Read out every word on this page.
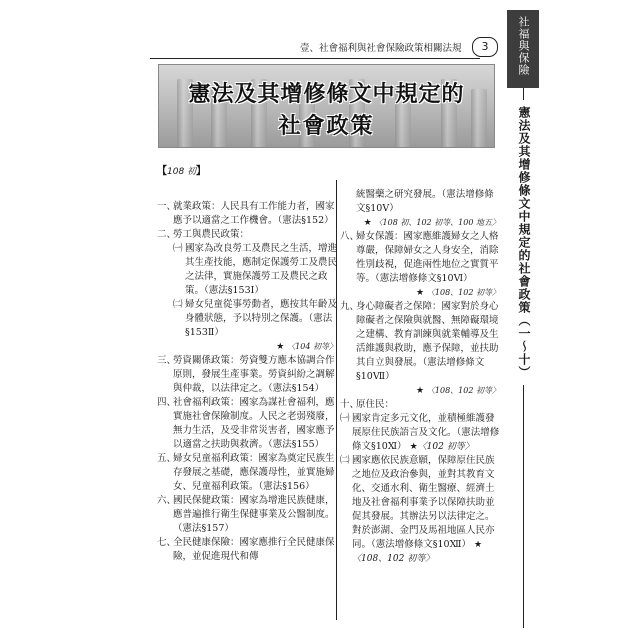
壹、社會福利與社會保險政策相關法規	3	社福與保險
憲法及其增修條文中規定的社會政策（一～十）
憲法及其增修條文中規定的
社會政策
【108 初】
一、
就業政策：人民具有工作能力者，國家應予以適當之工作機會。（憲法§152）
二、
勞工與農民政策：
㈠ 國家為改良勞工及農民之生活，增進其生產技能，應制定保護勞工及農民之法律，實施保護勞工及農民之政策。（憲法§153Ⅰ）
㈡ 婦女兒童從事勞動者，應按其年齡及身體狀態，予以特別之保護。（憲法§153Ⅱ）
★ 〈104 初等〉
三、
勞資關係政策：勞資雙方應本協調合作原則，發展生產事業。勞資糾紛之調解與仲裁，以法律定之。（憲法§154）
四、
社會福利政策：國家為謀社會福利，應實施社會保險制度。人民之老弱殘廢，無力生活，及受非常災害者，國家應予以適當之扶助與救濟。（憲法§155）
五、
婦女兒童福利政策：國家為奠定民族生存發展之基礎，應保護母性，並實施婦女、兒童福利政策。（憲法§156）
六、
國民保健政策：國家為增進民族健康，應普遍推行衛生保健事業及公醫制度。（憲法§157）
七、
全民健康保險：國家應推行全民健康保險，並促進現代和傳
統醫藥之研究發展。（憲法增修條文§10Ⅴ）
★ 〈108 初、102 初等、100 地五〉
八、
婦女保護：國家應維護婦女之人格尊嚴，保障婦女之人身安全，消除性別歧視，促進兩性地位之實質平等。（憲法增修條文§10Ⅵ）
★ 〈108、102 初等〉
九、
身心障礙者之保障：國家對於身心障礙者之保險與就醫、無障礙環境之建構、教育訓練與就業輔導及生活維護與救助，應予保障，並扶助其自立與發展。（憲法增修條文§10Ⅶ）
★ 〈108、102 初等〉
十、
原住民：
㈠ 國家肯定多元文化，並積極維護發展原住民族語言及文化。（憲法增修條文§10Ⅺ） ★〈102 初等〉
㈡ 國家應依民族意願，保障原住民族之地位及政治參與，並對其教育文化、交通水利、衛生醫療、經濟土地及社會福利事業予以保障扶助並促其發展。其辦法另以法律定之。對於澎湖、金門及馬祖地區人民亦同。（憲法增修條文§10Ⅻ） ★〈108、102 初等〉
